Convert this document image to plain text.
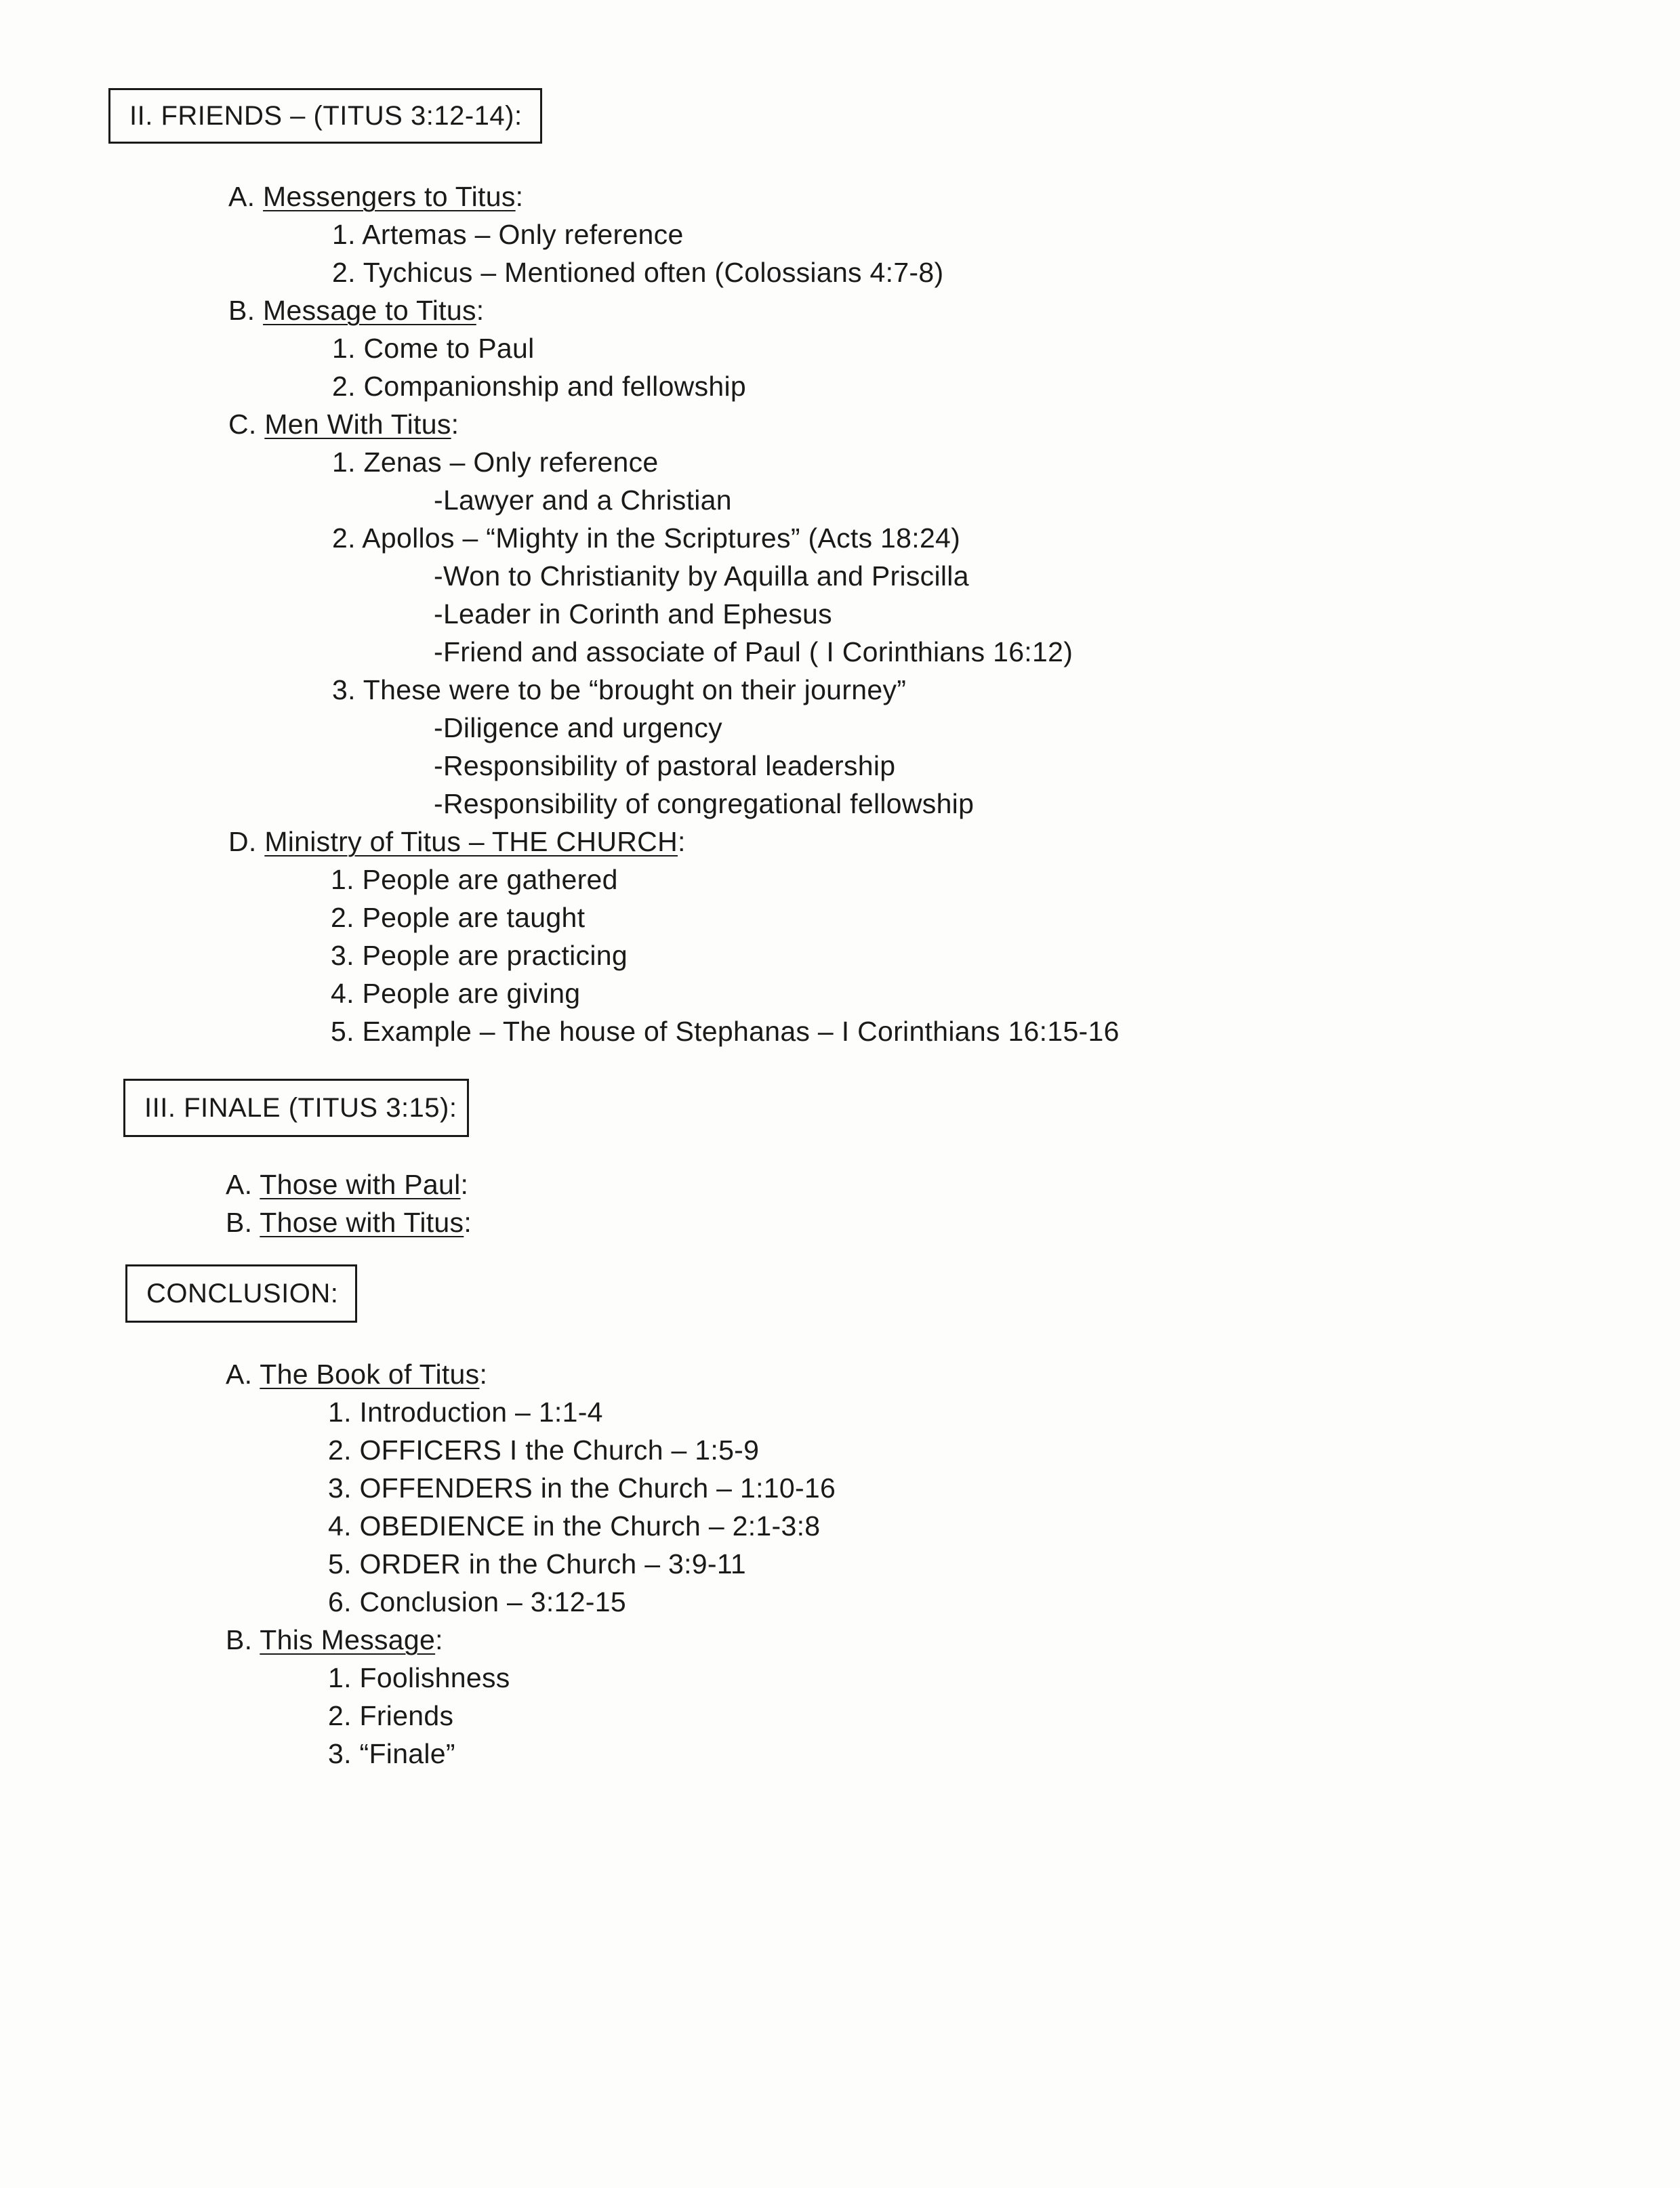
II. FRIENDS – (TITUS 3:12-14):
A. Messengers to Titus:
1. Artemas – Only reference
2. Tychicus – Mentioned often (Colossians 4:7-8)
B. Message to Titus:
1. Come to Paul
2. Companionship and fellowship
C. Men With Titus:
1. Zenas – Only reference
-Lawyer and a Christian
2. Apollos – “Mighty in the Scriptures” (Acts 18:24)
-Won to Christianity by Aquilla and Priscilla
-Leader in Corinth and Ephesus
-Friend and associate of Paul ( I Corinthians 16:12)
3. These were to be “brought on their journey”
-Diligence and urgency
-Responsibility of pastoral leadership
-Responsibility of congregational fellowship
D. Ministry of Titus – THE CHURCH:
1. People are gathered
2. People are taught
3. People are practicing
4. People are giving
5. Example – The house of Stephanas – I Corinthians 16:15-16
III. FINALE (TITUS 3:15):
A. Those with Paul:
B. Those with Titus:
CONCLUSION:
A. The Book of Titus:
1. Introduction – 1:1-4
2. OFFICERS I the Church – 1:5-9
3. OFFENDERS in the Church – 1:10-16
4. OBEDIENCE in the Church – 2:1-3:8
5. ORDER in the Church – 3:9-11
6. Conclusion – 3:12-15
B. This Message:
1. Foolishness
2. Friends
3. “Finale”
